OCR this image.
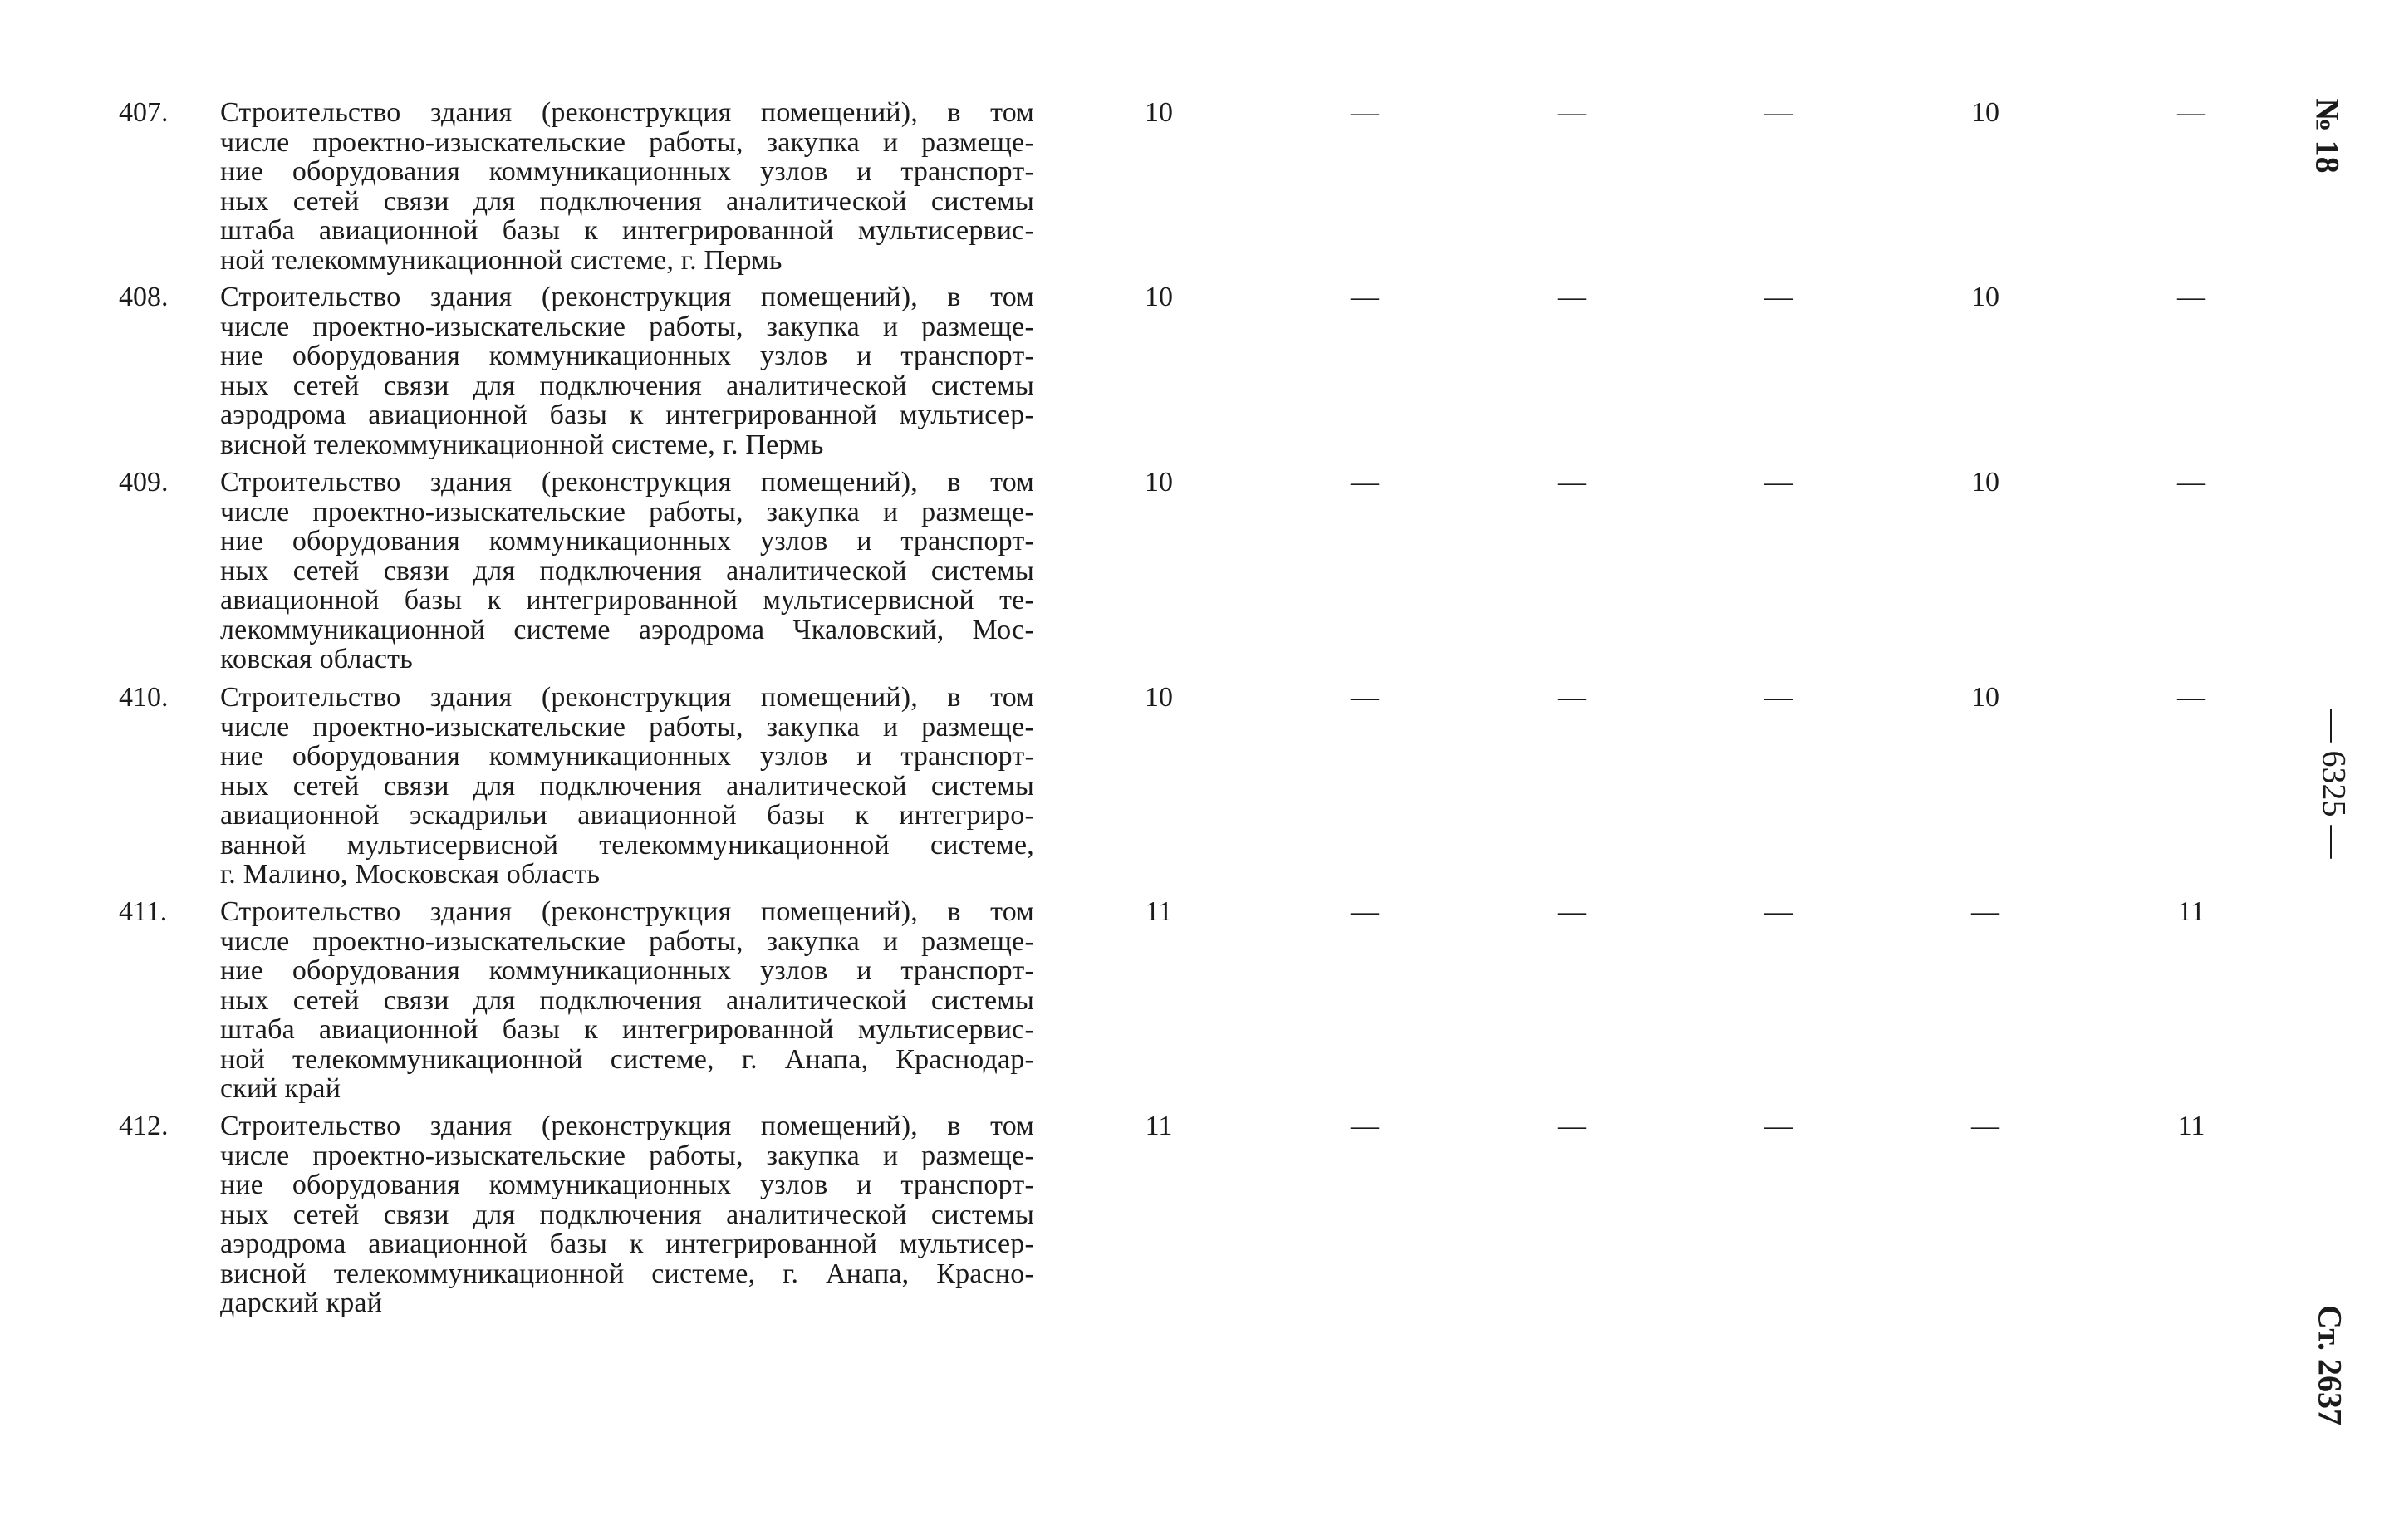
407.	Строительство здания (реконструкция помещений), в том
числе проектно-изыскательские работы, закупка и размеще-
ние оборудования коммуникационных узлов и транспорт-
ных сетей связи для подключения аналитической системы
штаба авиационной базы к интегрированной мультисервис-
ной телекоммуникационной системе, г. Пермь
10	—	—	—	10	—
408.	Строительство здания (реконструкция помещений), в том
числе проектно-изыскательские работы, закупка и размеще-
ние оборудования коммуникационных узлов и транспорт-
ных сетей связи для подключения аналитической системы
аэродрома авиационной базы к интегрированной мультисер-
висной телекоммуникационной системе, г. Пермь
10	—	—	—	10	—
409.	Строительство здания (реконструкция помещений), в том
числе проектно-изыскательские работы, закупка и размеще-
ние оборудования коммуникационных узлов и транспорт-
ных сетей связи для подключения аналитической системы
авиационной базы к интегрированной мультисервисной те-
лекоммуникационной системе аэродрома Чкаловский, Мос-
ковская область
10	—	—	—	10	—
410.	Строительство здания (реконструкция помещений), в том
числе проектно-изыскательские работы, закупка и размеще-
ние оборудования коммуникационных узлов и транспорт-
ных сетей связи для подключения аналитической системы
авиационной эскадрильи авиационной базы к интегриро-
ванной мультисервисной телекоммуникационной системе,
г. Малино, Московская область
10	—	—	—	10	—
411.	Строительство здания (реконструкция помещений), в том
числе проектно-изыскательские работы, закупка и размеще-
ние оборудования коммуникационных узлов и транспорт-
ных сетей связи для подключения аналитической системы
штаба авиационной базы к интегрированной мультисервис-
ной телекоммуникационной системе, г. Анапа, Краснодар-
ский край
11	—	—	—	—	11
412.	Строительство здания (реконструкция помещений), в том
числе проектно-изыскательские работы, закупка и размеще-
ние оборудования коммуникационных узлов и транспорт-
ных сетей связи для подключения аналитической системы
аэродрома авиационной базы к интегрированной мультисер-
висной телекоммуникационной системе, г. Анапа, Красно-
дарский край
11	—	—	—	—	11
№ 18
— 6325 —
Ст. 2637
